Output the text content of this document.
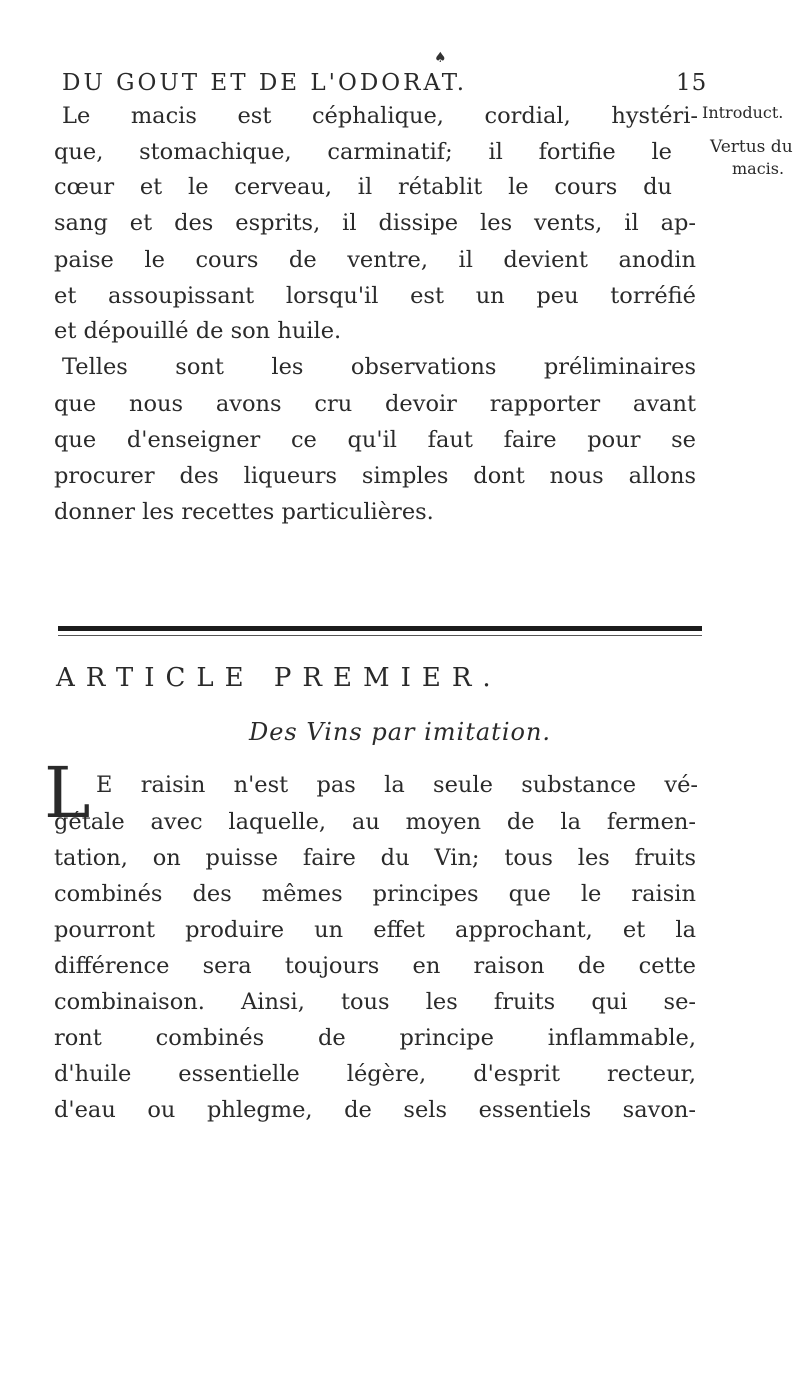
♠
DU GOUT ET DE L'ODORAT.	15
Introduct.
Vertus du
macis.
Le macis est céphalique, cordial, hystéri-
que, stomachique, carminatif; il fortifie le
cœur et le cerveau, il rétablit le cours du
sang et des esprits, il dissipe les vents, il ap-
paise le cours de ventre, il devient anodin
et assoupissant lorsqu'il est un peu torréfié
et dépouillé de son huile.
Telles sont les observations préliminaires
que nous avons cru devoir rapporter avant
que d'enseigner ce qu'il faut faire pour se
procurer des liqueurs simples dont nous allons
donner les recettes particulières.
ARTICLE PREMIER.
Des Vins par imitation.
L E raisin n'est pas la seule substance vé-
gétale avec laquelle, au moyen de la fermen-
tation, on puisse faire du Vin; tous les fruits
combinés des mêmes principes que le raisin
pourront produire un effet approchant, et la
différence sera toujours en raison de cette
combinaison. Ainsi, tous les fruits qui se-
ront combinés de principe inflammable,
d'huile essentielle légère, d'esprit recteur,
d'eau ou phlegme, de sels essentiels savon-
